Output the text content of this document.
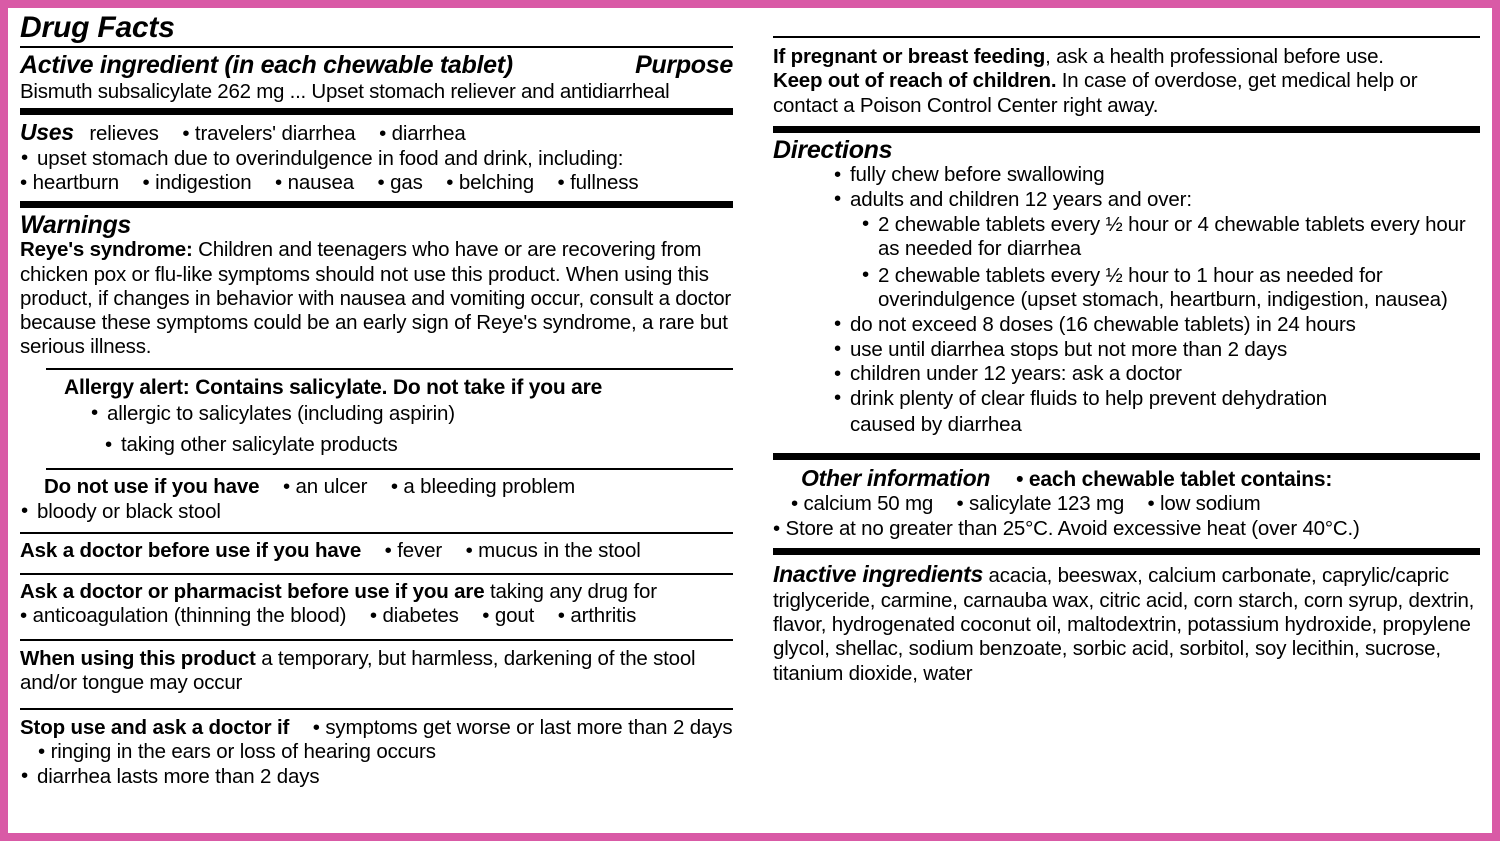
Drug Facts
Active ingredient (in each chewable tablet)	Purpose
Bismuth subsalicylate 262 mg ... Upset stomach reliever and antidiarrheal
Uses relieves • travelers' diarrhea • diarrhea
• upset stomach due to overindulgence in food and drink, including:
• heartburn • indigestion • nausea • gas • belching • fullness
Warnings

Reye's syndrome: Children and teenagers who have or are recovering from chicken pox or flu-like symptoms should not use this product. When using this product, if changes in behavior with nausea and vomiting occur, consult a doctor because these symptoms could be an early sign of Reye's syndrome, a rare but serious illness.

Allergy alert: Contains salicylate. Do not take if you are
• allergic to salicylates (including aspirin)
• taking other salicylate products
Do not use if you have • an ulcer • a bleeding problem
• bloody or black stool
Ask a doctor before use if you have • fever • mucus in the stool
Ask a doctor or pharmacist before use if you are taking any drug for
• anticoagulation (thinning the blood) • diabetes • gout • arthritis

When using this product a temporary, but harmless, darkening of the stool and/or tongue may occur

Stop use and ask a doctor if • symptoms get worse or last more than 2 days
• ringing in the ears or loss of hearing occurs
• diarrhea lasts more than 2 days

If pregnant or breast feeding, ask a health professional before use.
Keep out of reach of children. In case of overdose, get medical help or contact a Poison Control Center right away.

Directions
• fully chew before swallowing
• adults and children 12 years and over:
• 2 chewable tablets every ½ hour or 4 chewable tablets every hour as needed for diarrhea
• 2 chewable tablets every ½ hour to 1 hour as needed for overindulgence (upset stomach, heartburn, indigestion, nausea)
• do not exceed 8 doses (16 chewable tablets) in 24 hours
• use until diarrhea stops but not more than 2 days
• children under 12 years: ask a doctor
• drink plenty of clear fluids to help prevent dehydration
caused by diarrhea
Other information • each chewable tablet contains:
• calcium 50 mg • salicylate 123 mg • low sodium
• Store at no greater than 25°C. Avoid excessive heat (over 40°C.)

Inactive ingredients acacia, beeswax, calcium carbonate, caprylic/capric triglyceride, carmine, carnauba wax, citric acid, corn starch, corn syrup, dextrin, flavor, hydrogenated coconut oil, maltodextrin, potassium hydroxide, propylene glycol, shellac, sodium benzoate, sorbic acid, sorbitol, soy lecithin, sucrose, titanium dioxide, water
